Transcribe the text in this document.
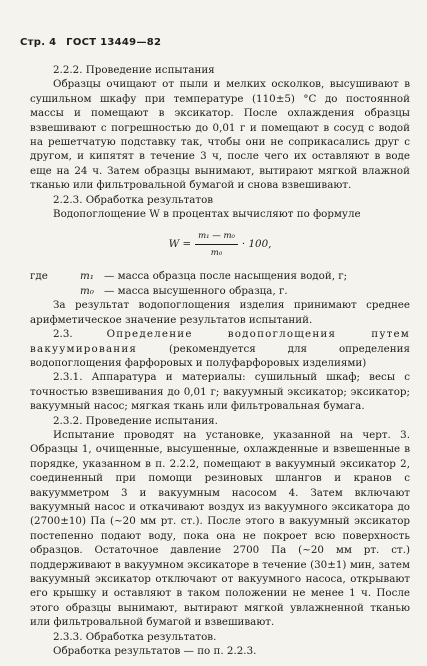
Стр. 4 ГОСТ 13449—82

2.2.2. Проведение испытания

Образцы очищают от пыли и мелких осколков, высушивают в сушильном шкафу при температуре (110±5) °С до постоянной массы и помещают в эксикатор. После охлаждения образцы взвешивают с погрешностью до 0,01 г и помещают в сосуд с водой на решетчатую подставку так, чтобы они не соприкасались друг с другом, и кипятят в течение 3 ч, после чего их оставляют в воде еще на 24 ч. Затем образцы вынимают, вытирают мягкой влажной тканью или фильтровальной бумагой и снова взвешивают.

2.2.3. Обработка результатов

Водопоглощение W в процентах вычисляют по формуле

$W = \frac{\text{m₁ — m₀}}{\text{m₀}} \cdot 100$,
где	m₁ — масса образца после насыщения водой, г;
m₀ — масса высушенного образца, г.

За результат водопоглощения изделия принимают среднее арифметическое значение результатов испытаний.

2.3.	Определение водопоглощения путем вакуумирования	(рекомендуется для определения водопоглощения фарфоровых и полуфарфоровых изделиями)

2.3.1. Аппаратура и материалы: сушильный шкаф; весы с точностью взвешивания до 0,01 г; вакуумный эксикатор; эксикатор; вакуумный насос; мягкая ткань или фильтровальная бумага.

2.3.2. Проведение испытания.

Испытание проводят на установке, указанной на черт. 3. Образцы 1, очищенные, высушенные, охлажденные и взвешенные в порядке, указанном в п. 2.2.2, помещают в вакуумный эксикатор 2, соединенный при помощи резиновых шлангов и кранов с вакуумметром 3 и вакуумным насосом 4. Затем включают вакуумный насос и откачивают воздух из вакуумного эксикатора до (2700±10) Па (~20 мм рт. ст.). После этого в вакуумный эксикатор постепенно подают воду, пока она не покроет всю поверхность образцов. Остаточное давление 2700 Па (~20 мм рт. ст.) поддерживают в вакуумном эксикаторе в течение (30±1) мин, затем вакуумный эксикатор отключают от вакуумного насоса, открывают его крышку и оставляют в таком положении не менее 1 ч. После этого образцы вынимают, вытирают мягкой увлажненной тканью или фильтровальной бумагой и взвешивают.

2.3.3. Обработка результатов.

Обработка результатов — по п. 2.2.3.
